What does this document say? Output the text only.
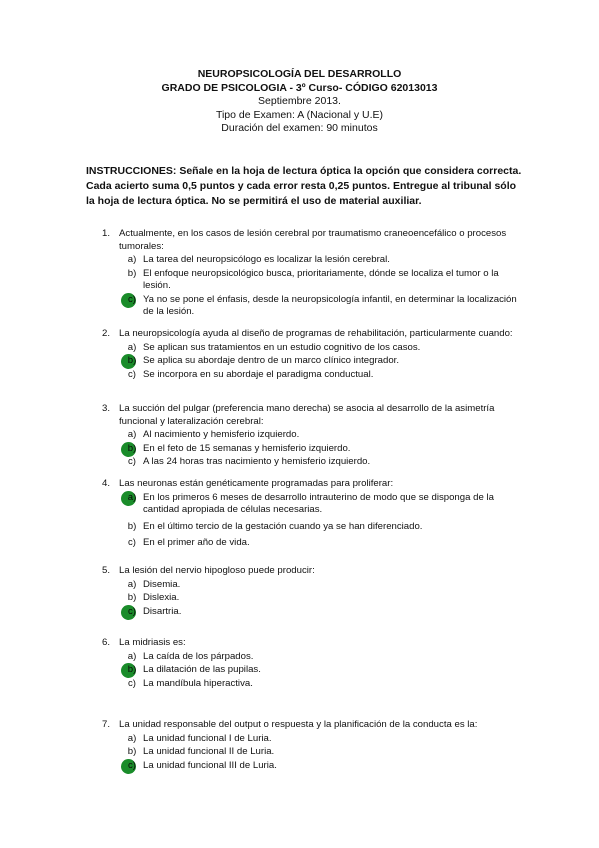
NEUROPSICOLOGÍA DEL DESARROLLO
GRADO DE PSICOLOGIA - 3º Curso- CÓDIGO 62013013
Septiembre 2013.
Tipo de Examen: A (Nacional y U.E)
Duración del examen: 90 minutos
INSTRUCCIONES: Señale en la hoja de lectura óptica la opción que considera correcta. Cada acierto suma 0,5 puntos y cada error resta 0,25 puntos. Entregue al tribunal sólo la hoja de lectura óptica. No se permitirá el uso de material auxiliar.
1. Actualmente, en los casos de lesión cerebral por traumatismo craneoencefálico o procesos tumorales:
a) La tarea del neuropsicólogo es localizar la lesión cerebral.
b) El enfoque neuropsicológico busca, prioritariamente, dónde se localiza el tumor o la lesión.
c) Ya no se pone el énfasis, desde la neuropsicología infantil, en determinar la localización de la lesión.
2. La neuropsicología ayuda al diseño de programas de rehabilitación, particularmente cuando:
a) Se aplican sus tratamientos en un estudio cognitivo de los casos.
b) Se aplica su abordaje dentro de un marco clínico integrador.
c) Se incorpora en su abordaje el paradigma conductual.
3. La succión del pulgar (preferencia mano derecha) se asocia al desarrollo de la asimetría funcional y lateralización cerebral:
a) Al nacimiento y hemisferio izquierdo.
b) En el feto de 15 semanas y hemisferio izquierdo.
c) A las 24 horas tras nacimiento y hemisferio izquierdo.
4. Las neuronas están genéticamente programadas para proliferar:
a) En los primeros 6 meses de desarrollo intrauterino de modo que se disponga de la cantidad apropiada de células necesarias.
b) En el último tercio de la gestación cuando ya se han diferenciado.
c) En el primer año de vida.
5. La lesión del nervio hipogloso puede producir:
a) Disemia.
b) Dislexia.
c) Disartria.
6. La midriasis es:
a) La caída de los párpados.
b) La dilatación de las pupilas.
c) La mandíbula hiperactiva.
7. La unidad responsable del output o respuesta y la planificación de la conducta es la:
a) La unidad funcional I de Luria.
b) La unidad funcional II de Luria.
c) La unidad funcional III de Luria.
